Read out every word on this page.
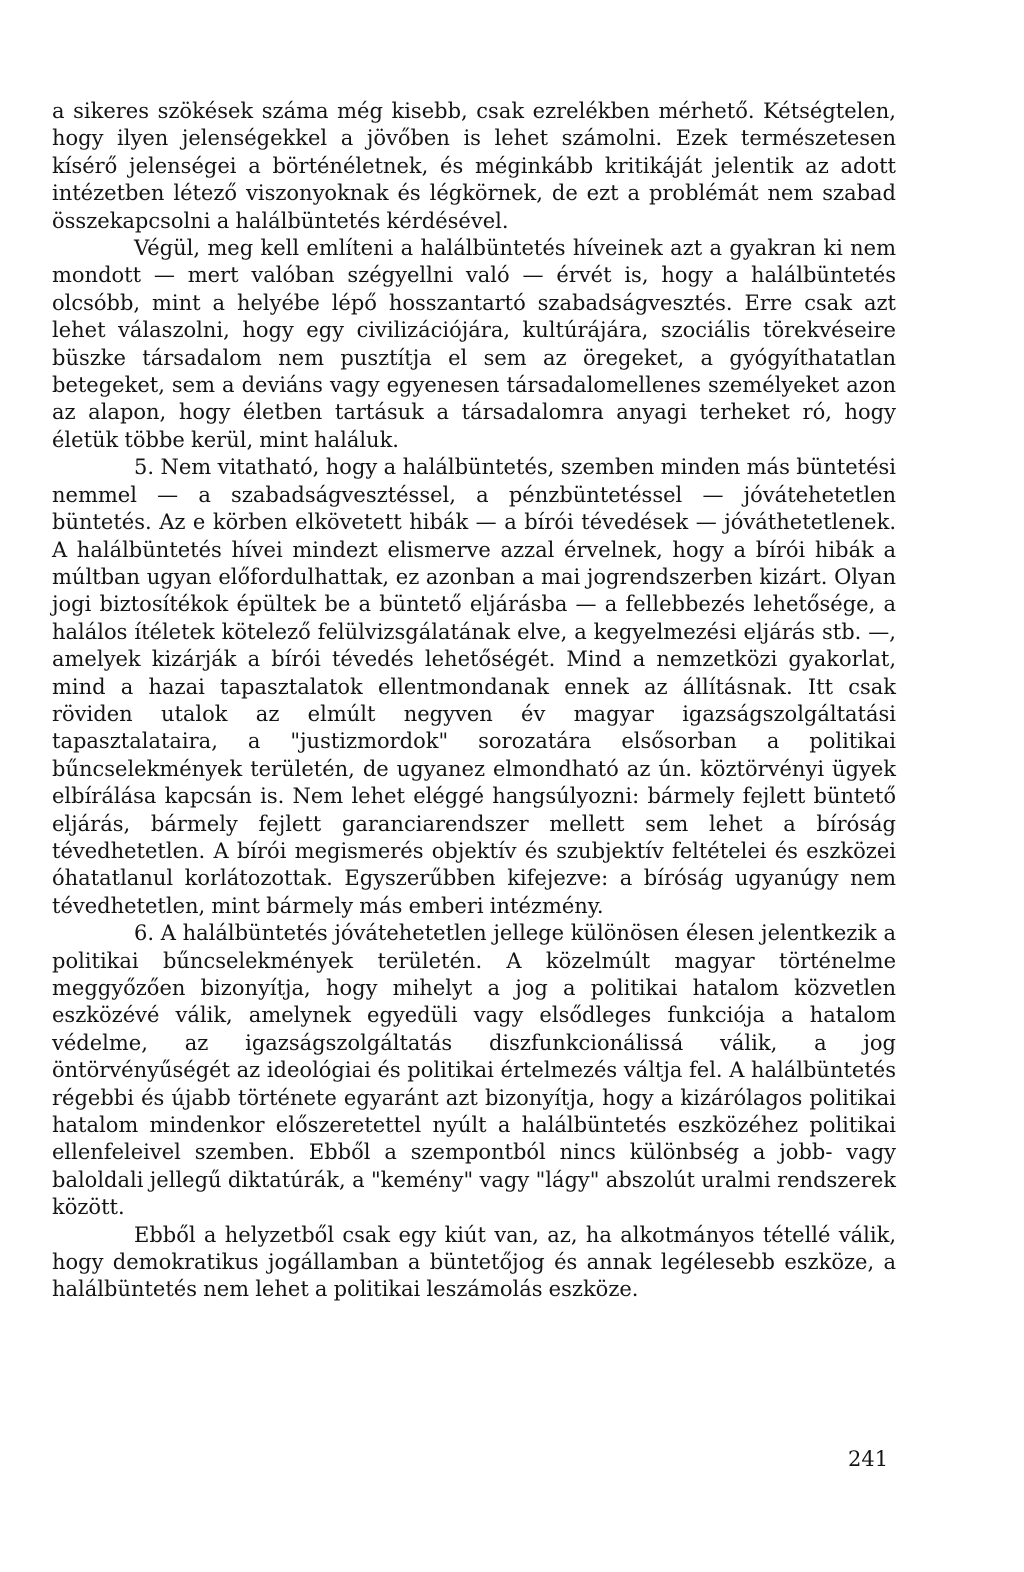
a sikeres szökések száma még kisebb, csak ezrelékben mérhető. Kétségtelen, hogy ilyen jelenségekkel a jövőben is lehet számolni. Ezek természetesen kísérő jelenségei a börténéletnek, és méginkább kritikáját jelentik az adott intézetben létező viszonyoknak és légkörnek, de ezt a problémát nem szabad összekapcsolni a halálbüntetés kérdésével.

Végül, meg kell említeni a halálbüntetés híveinek azt a gyakran ki nem mondott — mert valóban szégyellni való — érvét is, hogy a halálbüntetés olcsóbb, mint a helyébe lépő hosszantartó szabadságvesztés. Erre csak azt lehet válaszolni, hogy egy civilizációjára, kultúrájára, szociális törekvéseire büszke társadalom nem pusztítja el sem az öregeket, a gyógyíthatatlan betegeket, sem a deviáns vagy egyenesen társadalomellenes személyeket azon az alapon, hogy életben tartásuk a társadalomra anyagi terheket ró, hogy életük többe kerül, mint haláluk.

5. Nem vitatható, hogy a halálbüntetés, szemben minden más büntetési nemmel — a szabadságvesztéssel, a pénzbüntetéssel — jóvátehetetlen büntetés. Az e körben elkövetett hibák — a bírói tévedések — jóváthetetlenek. A halálbüntetés hívei mindezt elismerve azzal érvelnek, hogy a bírói hibák a múltban ugyan előfordulhattak, ez azonban a mai jogrendszerben kizárt. Olyan jogi biztosítékok épültek be a büntető eljárásba — a fellebbezés lehetősége, a halálos ítéletek kötelező felülvizsgálatának elve, a kegyelmezési eljárás stb. —, amelyek kizárják a bírói tévedés lehetőségét. Mind a nemzetközi gyakorlat, mind a hazai tapasztalatok ellentmondanak ennek az állításnak. Itt csak röviden utalok az elmúlt negyven év magyar igazságszolgáltatási tapasztalataira, a "justizmordok" sorozatára elsősorban a politikai bűncselekmények területén, de ugyanez elmondható az ún. köztörvényi ügyek elbírálása kapcsán is. Nem lehet eléggé hangsúlyozni: bármely fejlett büntető eljárás, bármely fejlett garanciarendszer mellett sem lehet a bíróság tévedhetetlen. A bírói megismerés objektív és szubjektív feltételei és eszközei óhatatlanul korlátozottak. Egyszerűbben kifejezve: a bíróság ugyanúgy nem tévedhetetlen, mint bármely más emberi intézmény.

6. A halálbüntetés jóvátehetetlen jellege különösen élesen jelentkezik a politikai bűncselekmények területén. A közelmúlt magyar történelme meggyőzően bizonyítja, hogy mihelyt a jog a politikai hatalom közvetlen eszközévé válik, amelynek egyedüli vagy elsődleges funkciója a hatalom védelme, az igazságszolgáltatás diszfunkcionálissá válik, a jog öntörvényűségét az ideológiai és politikai értelmezés váltja fel. A halálbüntetés régebbi és újabb története egyaránt azt bizonyítja, hogy a kizárólagos politikai hatalom mindenkor előszeretettel nyúlt a halálbüntetés eszközéhez politikai ellenfeleivel szemben. Ebből a szempontból nincs különbség a jobb- vagy baloldali jellegű diktatúrák, a "kemény" vagy "lágy" abszolút uralmi rendszerek között.

Ebből a helyzetből csak egy kiút van, az, ha alkotmányos tétellé válik, hogy demokratikus jogállamban a büntetőjog és annak legélesebb eszköze, a halálbüntetés nem lehet a politikai leszámolás eszköze.

241
